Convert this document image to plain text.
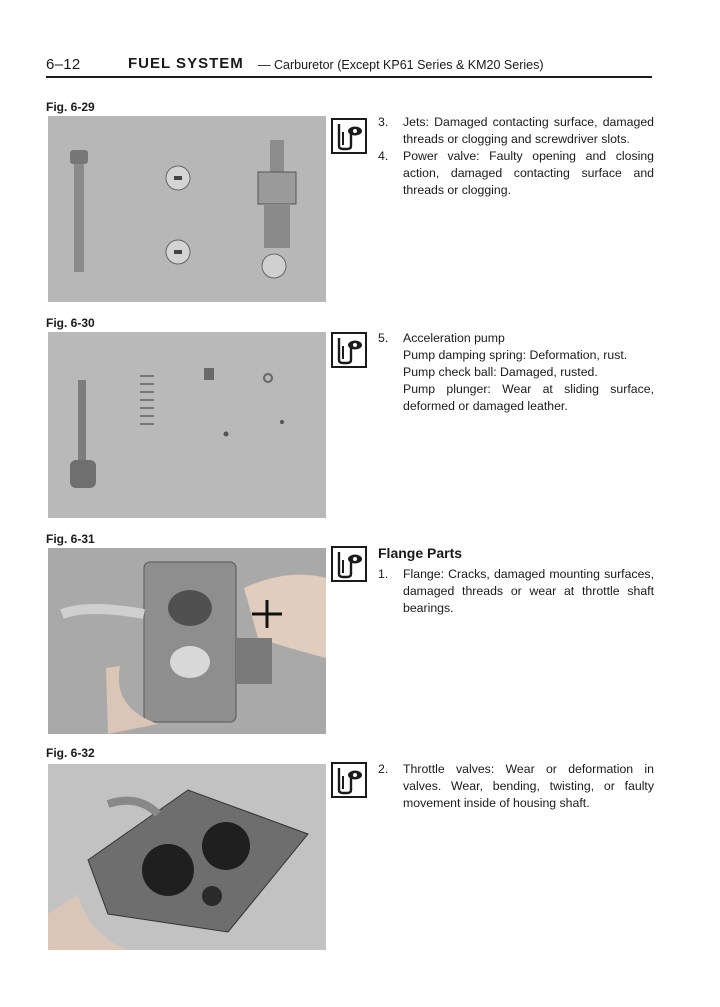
6–12	FUEL SYSTEM — Carburetor (Except KP61 Series & KM20 Series)
Fig. 6-29
3.	Jets: Damaged contacting surface, damaged threads or clogging and screwdriver slots.
4.	Power valve: Faulty opening and closing action, damaged contacting surface and threads or clogging.
Fig. 6-30
5.	Acceleration pump
Pump damping spring: Deformation, rust.
Pump check ball: Damaged, rusted.
Pump plunger: Wear at sliding surface, deformed or damaged leather.
Fig. 6-31
Flange Parts
1.	Flange: Cracks, damaged mounting surfaces, damaged threads or wear at throttle shaft bearings.
Fig. 6-32
2.	Throttle valves: Wear or deformation in valves. Wear, bending, twisting, or faulty movement inside of housing shaft.
